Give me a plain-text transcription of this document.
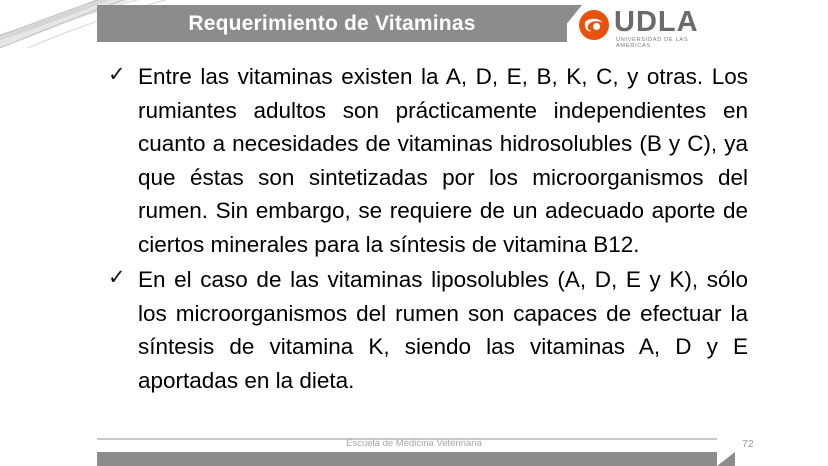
Requerimiento de Vitaminas	UDLA
UNIVERSIDAD DE LAS AMÉRICAS
✓ Entre las vitaminas existen la A, D, E, B, K, C, y otras. Los rumiantes adultos son prácticamente independientes en cuanto a necesidades de vitaminas hidrosolubles (B y C), ya que éstas son sintetizadas por los microorganismos del rumen. Sin embargo, se requiere de un adecuado aporte de ciertos minerales para la síntesis de vitamina B12.
✓ En el caso de las vitaminas liposolubles (A, D, E y K), sólo los microorganismos del rumen son capaces de efectuar la síntesis de vitamina K, siendo las vitaminas A, D y E aportadas en la dieta.
Escuela de Medicina Veterinaria	72
